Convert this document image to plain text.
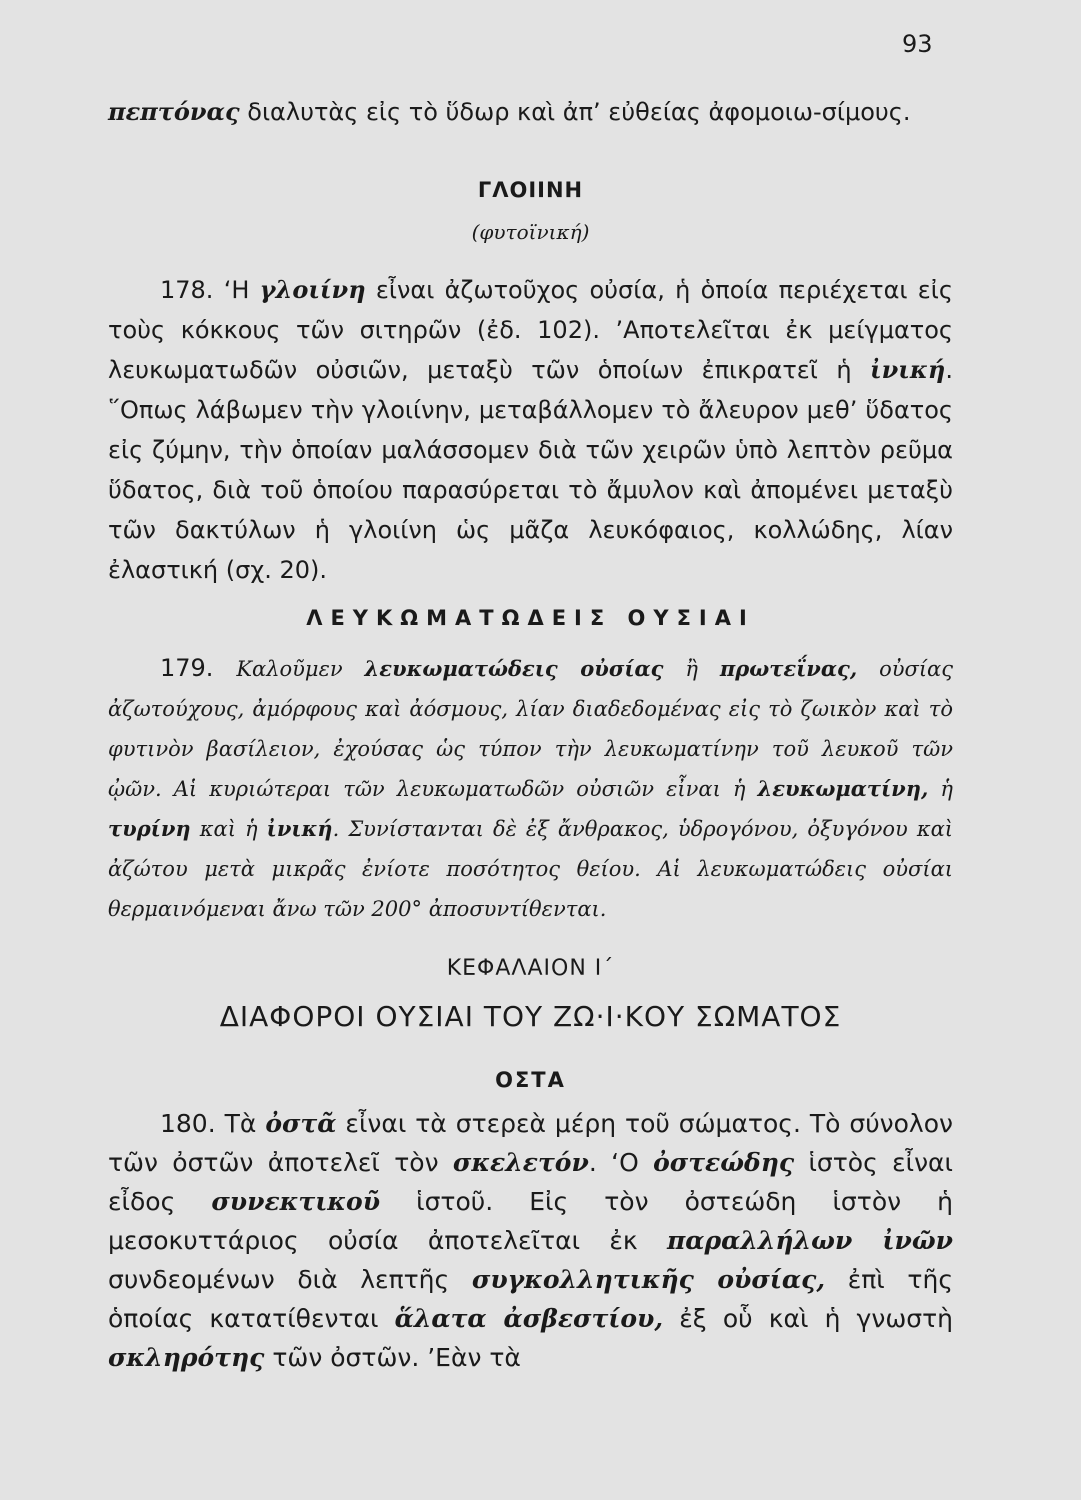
93

πεπτόνας διαλυτὰς εἰς τὸ ὕδωρ καὶ ἀπ’ εὐθείας ἀφομοιω-σίμους.

ΓΛΟΙΙΝΗ
(φυτοϊνική)

178. ‘Η γλοιίνη εἶναι ἀζωτοῦχος οὐσία, ἡ ὁποία περιέχεται εἰς τοὺς κόκκους τῶν σιτηρῶν (ἐδ. 102). ’Αποτελεῖται ἐκ μείγματος λευκωματωδῶν οὐσιῶν, μεταξὺ τῶν ὁποίων ἐπικρατεῖ ἡ ἰνική. ῞Οπως λάβωμεν τὴν γλοιίνην, μεταβάλλομεν τὸ ἄλευρον μεθ’ ὕδατος εἰς ζύμην, τὴν ὁποίαν μαλάσσομεν διὰ τῶν χειρῶν ὑπὸ λεπτὸν ρεῦμα ὕδατος, διὰ τοῦ ὁποίου παρασύρεται τὸ ἄμυλον καὶ ἀπομένει μεταξὺ τῶν δακτύλων ἡ γλοιίνη ὡς μᾶζα λευκόφαιος, κολλώδης, λίαν ἐλαστική (σχ. 20).

ΛΕΥΚΩΜΑΤΩΔΕΙΣ ΟΥΣΙΑΙ

179. Καλοῦμεν λευκωματώδεις οὐσίας ἢ πρωτεΐνας, οὐσίας ἀζωτούχους, ἀμόρφους καὶ ἀόσμους, λίαν διαδεδομένας εἰς τὸ ζωικὸν καὶ τὸ φυτινὸν βασίλειον, ἐχούσας ὡς τύπον τὴν λευκωματίνην τοῦ λευκοῦ τῶν ᾠῶν. Αἱ κυριώτεραι τῶν λευκωματωδῶν οὐσιῶν εἶναι ἡ λευκωματίνη, ἡ τυρίνη καὶ ἡ ἰνική. Συνίστανται δὲ ἐξ ἄνθρακος, ὑδρογόνου, ὀξυγόνου καὶ ἀζώτου μετὰ μικρᾶς ἐνίοτε ποσότητος θείου. Αἱ λευκωματώδεις οὐσίαι θερμαινόμεναι ἄνω τῶν 200° ἀποσυντίθενται.

ΚΕΦΑΛΑΙΟΝ Ι΄
ΔΙΑΦΟΡΟΙ ΟΥΣΙΑΙ ΤΟΥ ΖΩ·Ι·ΚΟΥ ΣΩΜΑΤΟΣ
ΟΣΤΑ

180. Τὰ ὀστᾶ εἶναι τὰ στερεὰ μέρη τοῦ σώματος. Τὸ σύνολον τῶν ὀστῶν ἀποτελεῖ τὸν σκελετόν. ‘Ο ὀστεώδης ἱστὸς εἶναι εἶδος συνεκτικοῦ ἱστοῦ. Εἰς τὸν ὀστεώδη ἱστὸν ἡ μεσοκυττάριος οὐσία ἀποτελεῖται ἐκ παραλλήλων ἰνῶν συνδεομένων διὰ λεπτῆς συγκολλητικῆς οὐσίας, ἐπὶ τῆς ὁποίας κατατίθενται ἅλατα ἀσβεστίου, ἐξ οὗ καὶ ἡ γνωστὴ σκληρότης τῶν ὀστῶν. ’Εὰν τὰ
